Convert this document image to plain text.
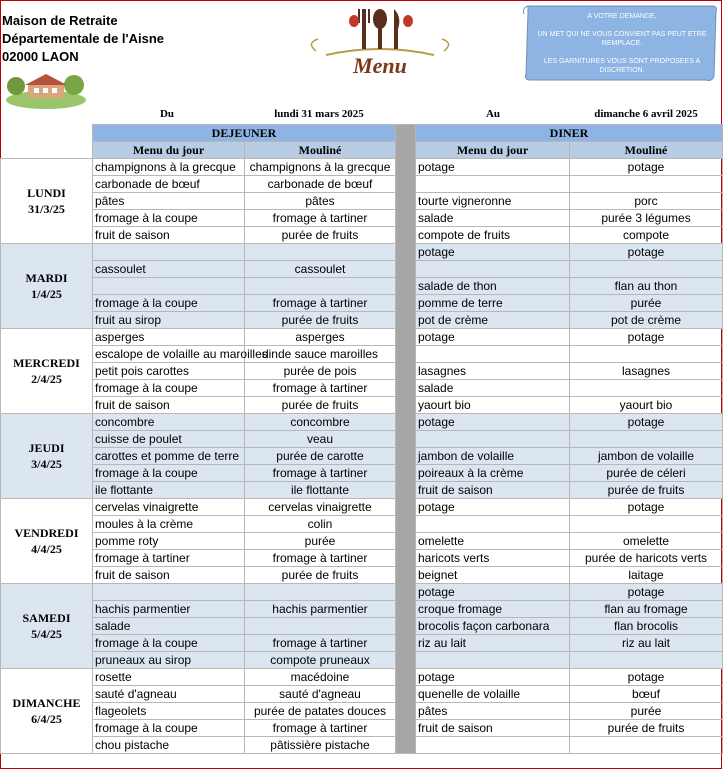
Maison de Retraite
Départementale de l'Aisne
02000 LAON	Menu
A VOTRE DEMANDE,
UN MET QUI NE VOUS CONVIENT PAS PEUT ETRE REMPLACE.
LES GARNITURES VOUS SONT PROPOSEES A DISCRETION.
Du	lundi 31 mars 2025	Au	dimanche 6 avril 2025
	DEJEUNER			DINER	
	Menu du jour	Mouliné		Menu du jour	Mouliné

LUNDI
31/3/25	champignons à la grecque	champignons à la grecque		potage	potage
	carbonade de bœuf	carbonade de bœuf			
	pâtes	pâtes		tourte vigneronne	porc
	fromage à la coupe	fromage à tartiner		salade	purée 3 légumes
	fruit de saison	purée de fruits		compote de fruits	compote

MARDI
1/4/25				potage	potage
	cassoulet	cassoulet			
				salade de thon	flan au thon
	fromage à la coupe	fromage à tartiner		pomme de terre	purée
	fruit au sirop	purée de fruits		pot de crème	pot de crème

MERCREDI
2/4/25	asperges	asperges		potage	potage
	escalope de volaille au maroilles	dinde sauce maroilles			
	petit pois carottes	purée de pois		lasagnes	lasagnes
	fromage à la coupe	fromage à tartiner		salade	
	fruit de saison	purée de fruits		yaourt bio	yaourt bio

JEUDI
3/4/25	concombre	concombre		potage	potage
	cuisse de poulet	veau			
	carottes et pomme de terre	purée de carotte		jambon de volaille	jambon de volaille
	fromage à la coupe	fromage à tartiner		poireaux à la crème	purée de céleri
	ile flottante	ile flottante		fruit de saison	purée de fruits

VENDREDI
4/4/25	cervelas vinaigrette	cervelas vinaigrette		potage	potage
	moules à la crème	colin			
	pomme roty	purée		omelette	omelette
	fromage à tartiner	fromage à tartiner		haricots verts	purée de haricots verts
	fruit de saison	purée de fruits		beignet	laitage

SAMEDI
5/4/25				potage	potage
	hachis parmentier	hachis parmentier		croque fromage	flan au fromage
	salade			brocolis façon carbonara	flan brocolis
	fromage à la coupe	fromage à tartiner		riz au lait	riz au lait
	pruneaux au sirop	compote pruneaux			

DIMANCHE
6/4/25	rosette	macédoine		potage	potage
	sauté d'agneau	sauté d'agneau		quenelle de volaille	bœuf
	flageolets	purée de patates douces		pâtes	purée
	fromage à la coupe	fromage à tartiner		fruit de saison	purée de fruits
	chou pistache	pâtissière pistache			
